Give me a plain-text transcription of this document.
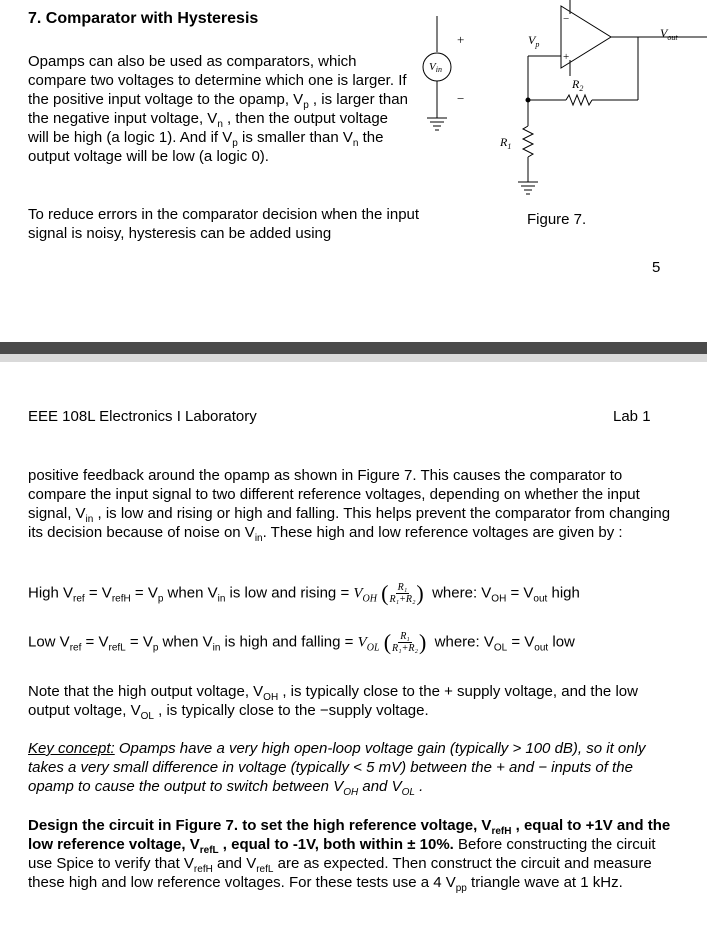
7. Comparator with Hysteresis
Opamps can also be used as comparators, which compare two voltages to determine which one is larger. If the positive input voltage to the opamp, $V_p$ , is larger than the negative input voltage, $V_n$ , then the output voltage will be high (a logic 1). And if $V_p$ is smaller than $V_n$ the output voltage will be low (a logic 0).
To reduce errors in the comparator decision when the input signal is noisy, hysteresis can be added using
+
−
+
−
Vin
$V_p$
$V_{out}$
$R_2$
$R_1$
Figure 7.
5
EEE 108L Electronics I Laboratory	Lab 1
positive feedback around the opamp as shown in Figure 7. This causes the comparator to compare the input signal to two different reference voltages, depending on whether the input signal, $V_{in}$ , is low and rising or high and falling. This helps prevent the comparator from changing its decision because of noise on $V_{in}$. These high and low reference voltages are given by :
High $V_{ref} = V_{refH} = V_p$ when $V_{in}$ is low and $rising = V_{OH}$ ( $\frac{\text{R₁}}{\text{R₁+R₂}}$ ) where: $V_{OH} = V_{out}$ high
Low $V_{ref} = V_{refL} = V_p$ when $V_{in}$ is high and falling = $V_{OL}$ ( $\frac{\text{R₁}}{\text{R₁+R₂}}$ ) where: $V_{OL} = V_{out}$ low
Note that the high output voltage, $V_{OH}$ , is typically close to the + supply voltage, and the low output voltage, $V_{OL}$ , is typically close to the −supply voltage.
Key concept: Opamps have a very high open-loop voltage gain (typically > 100 dB), so it only takes a very small difference in voltage (typically < 5 mV) between the + and − inputs of the opamp to cause the output to switch between $V_{OH}$ and $V_{OL}$ .
Design the circuit in Figure 7. to set the high reference voltage, $V_{refH}$ , equal to +1V and the low reference voltage, $V_{refL}$ , equal to -1V, both within ± 10%. Before constructing the circuit use Spice to verify that $V_{refH}$ and $V_{refL}$ are as expected. Then construct the circuit and measure these high and low reference voltages. For these tests use a 4 $V_{pp}$ triangle wave at 1 kHz.
